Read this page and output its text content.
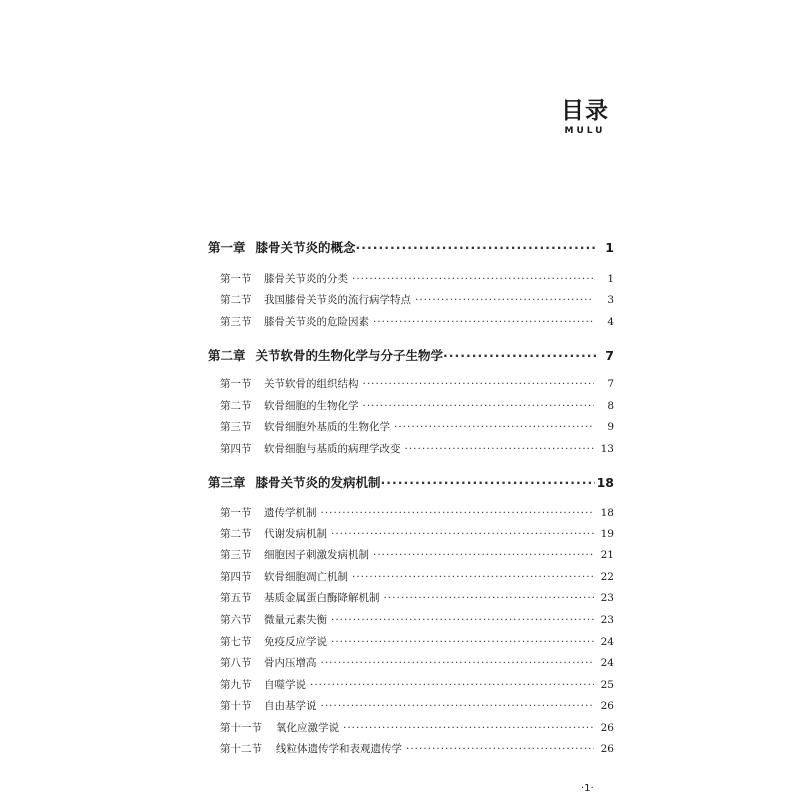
目录
MULU
第一章 膝骨关节炎的概念 ·····	1
第一节	膝骨关节炎的分类 ·····	1
第二节	我国膝骨关节炎的流行病学特点 ·····	3
第三节	膝骨关节炎的危险因素 ·····	4
第二章 关节软骨的生物化学与分子生物学 ·····	7
第一节	关节软骨的组织结构 ·····	7
第二节	软骨细胞的生物化学 ·····	8
第三节	软骨细胞外基质的生物化学 ·····	9
第四节	软骨细胞与基质的病理学改变 ·····	13
第三章 膝骨关节炎的发病机制 ·····	18
第一节	遗传学机制 ·····	18
第二节	代谢发病机制 ·····	19
第三节	细胞因子刺激发病机制 ·····	21
第四节	软骨细胞凋亡机制 ·····	22
第五节	基质金属蛋白酶降解机制 ·····	23
第六节	微量元素失衡 ·····	23
第七节	免疫反应学说 ·····	24
第八节	骨内压增高 ·····	24
第九节	自噬学说 ·····	25
第十节	自由基学说 ·····	26
第十一节	氧化应激学说 ·····	26
第十二节	线粒体遗传学和表观遗传学 ·····	26
·1·
